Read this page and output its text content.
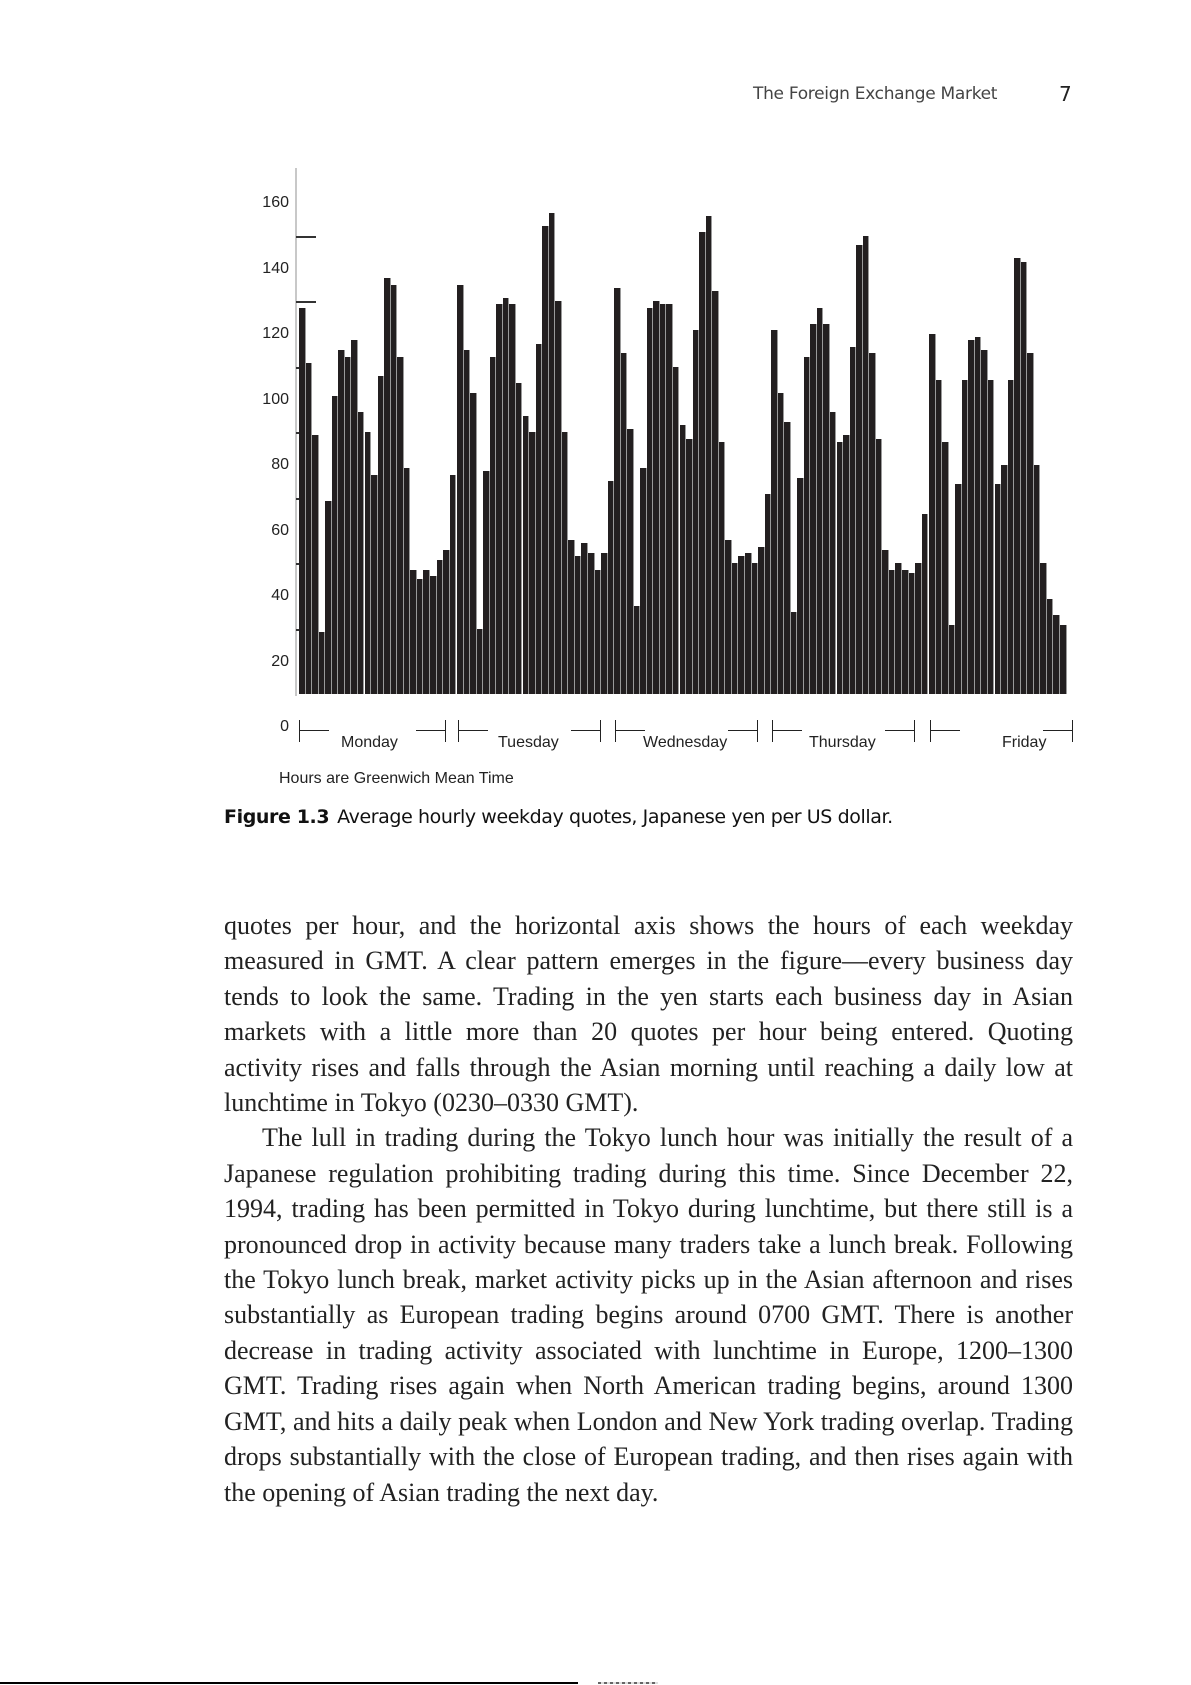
The Foreign Exchange Market	7
160
140
120
100
80
60
40
20
0
Monday	Tuesday	Wednesday	Thursday	Friday
Hours are Greenwich Mean Time
Figure 1.3 Average hourly weekday quotes, Japanese yen per US dollar.

quotes per hour, and the horizontal axis shows the hours of each weekday measured in GMT. A clear pattern emerges in the figure—every business day tends to look the same. Trading in the yen starts each business day in Asian markets with a little more than 20 quotes per hour being entered. Quoting activity rises and falls through the Asian morning until reaching a daily low at lunchtime in Tokyo (0230–0330 GMT).

The lull in trading during the Tokyo lunch hour was initially the result of a Japanese regulation prohibiting trading during this time. Since December 22, 1994, trading has been permitted in Tokyo during lunchtime, but there still is a pronounced drop in activity because many traders take a lunch break. Following the Tokyo lunch break, market activity picks up in the Asian afternoon and rises substantially as European trading begins around 0700 GMT. There is another decrease in trading activity associated with lunchtime in Europe, 1200–1300 GMT. Trading rises again when North American trading begins, around 1300 GMT, and hits a daily peak when London and New York trading overlap. Trading drops substantially with the close of European trading, and then rises again with the opening of Asian trading the next day.
